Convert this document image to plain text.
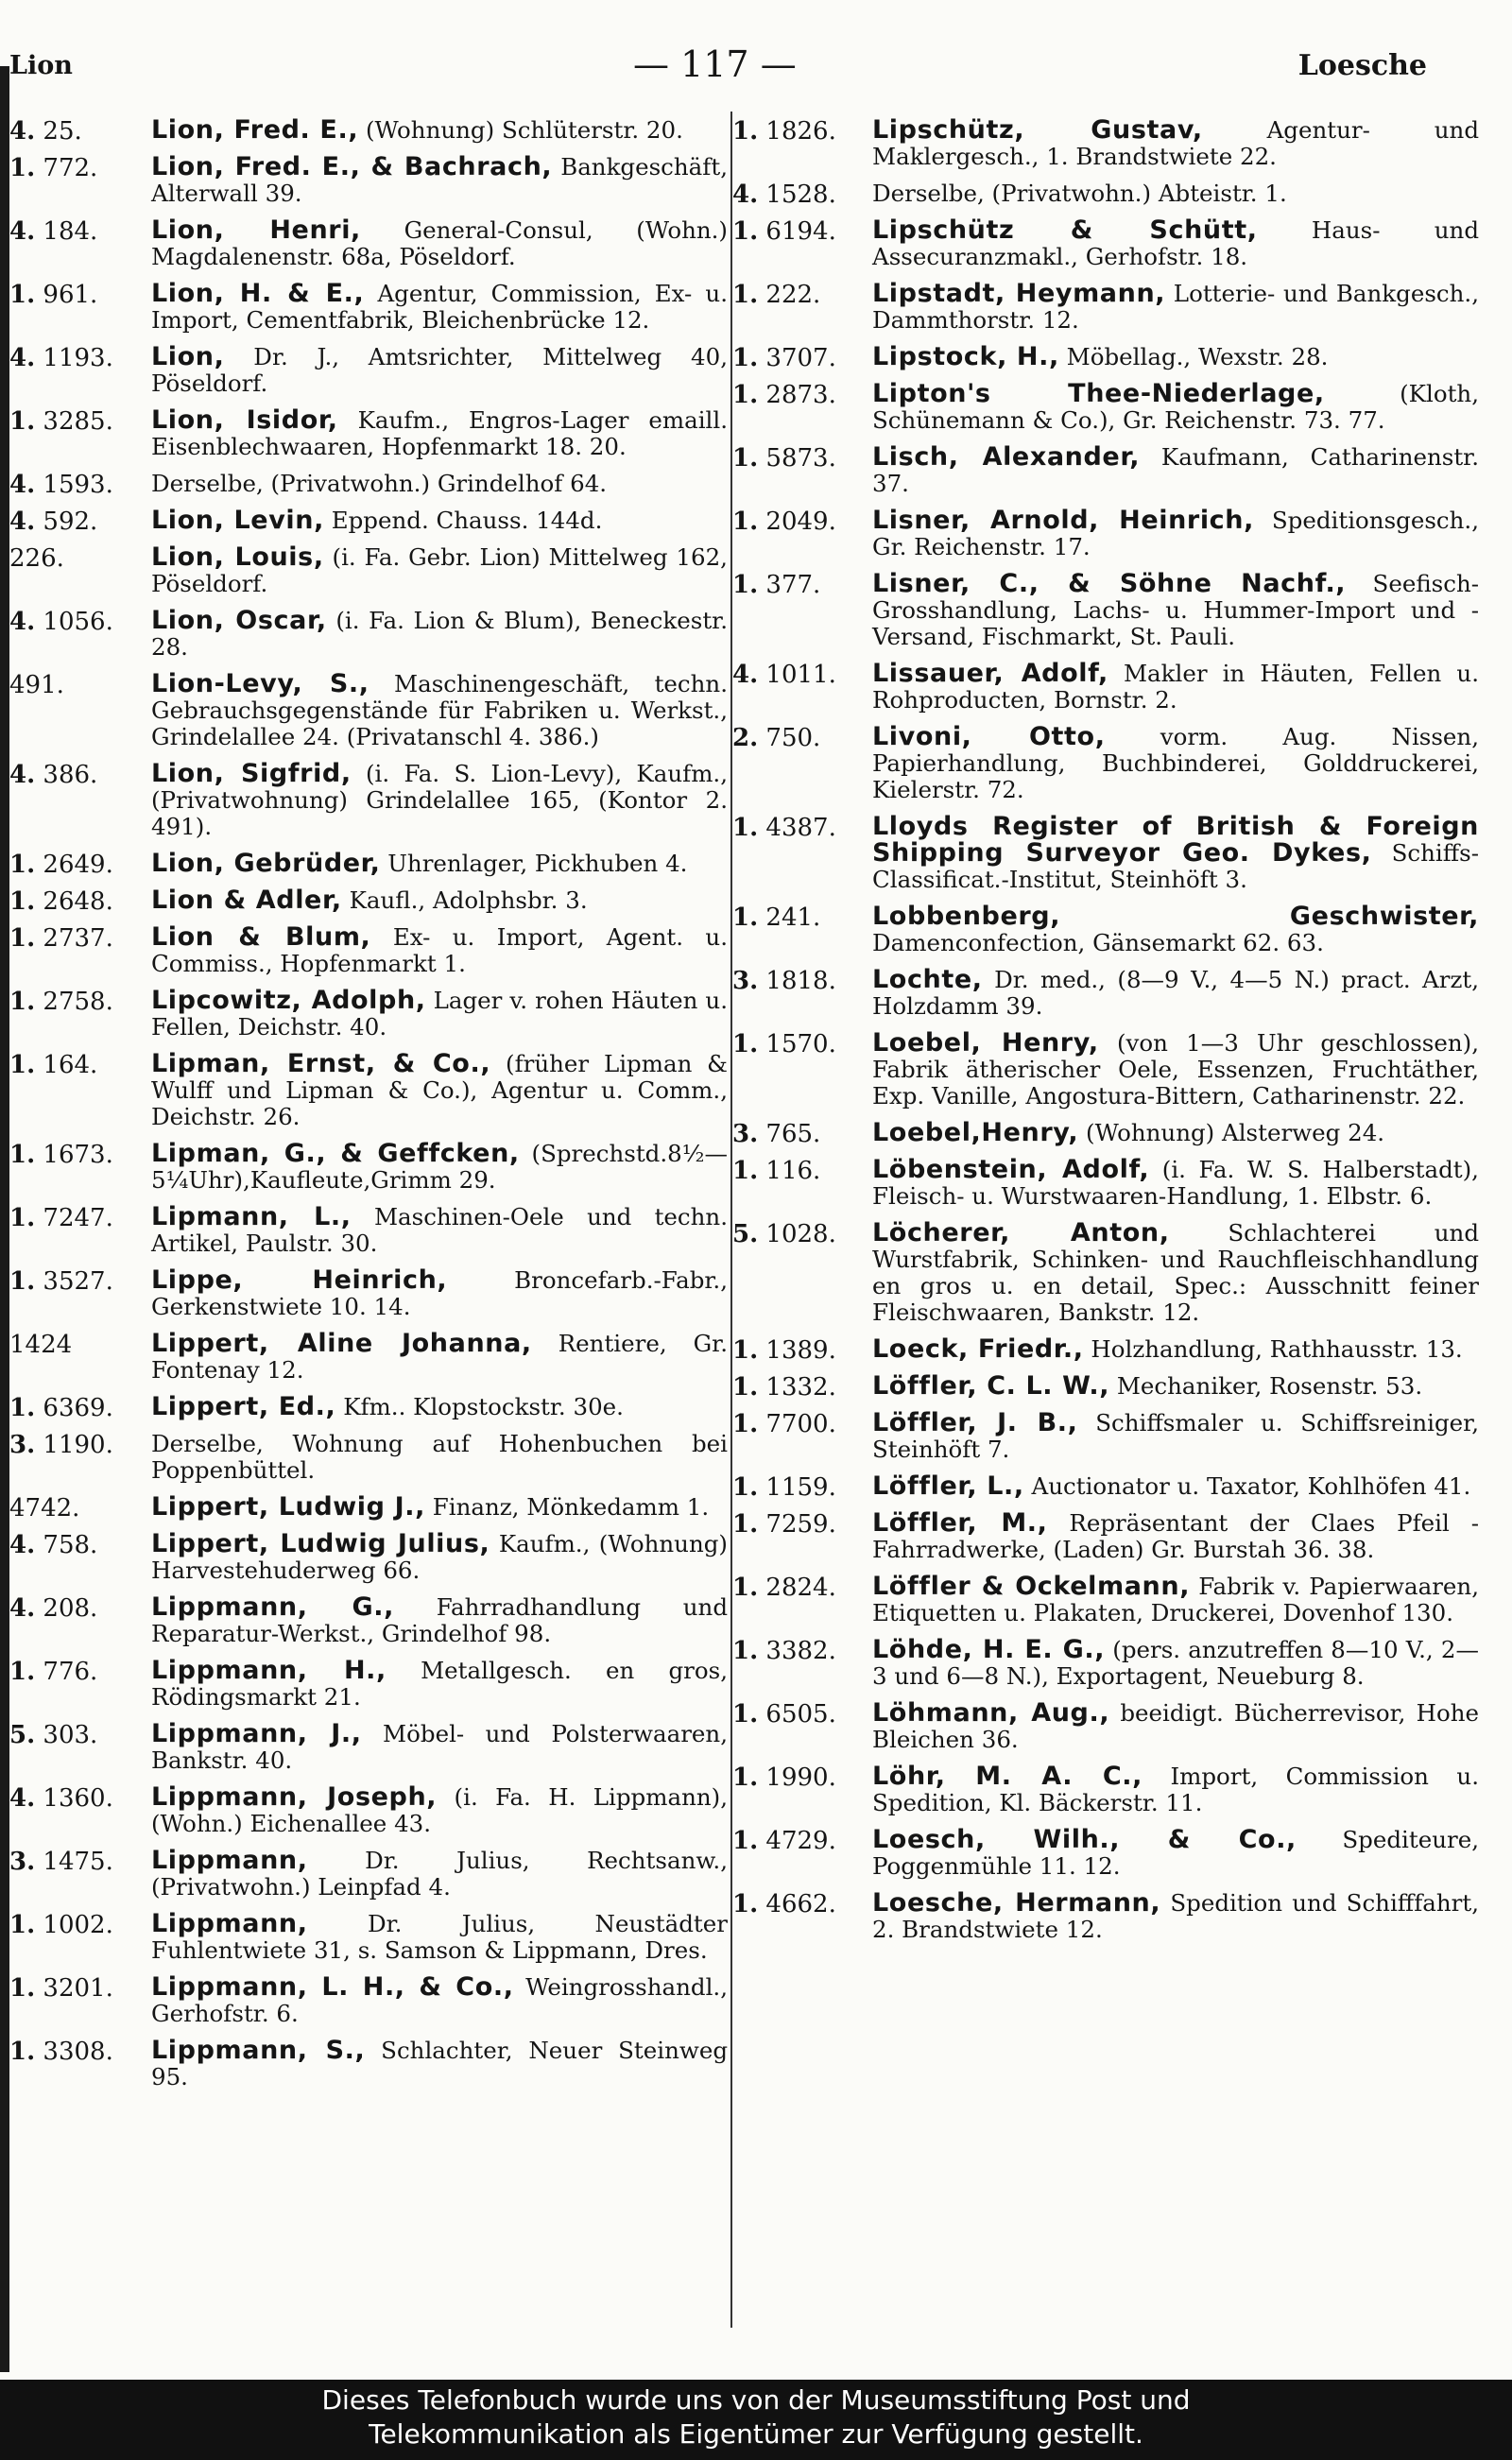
Lion	— 117 —	Loesche
4. 25.	Lion, Fred. E., (Wohnung) Schlüterstr. 20.
1. 772. Lion, Fred. E., & Bachrach, Bankgeschäft, Alterwall 39.
4. 184. Lion, Henri, General-Consul, (Wohn.) Magdalenenstr. 68a, Pöseldorf.
1. 961. Lion, H. & E., Agentur, Commission, Ex- u. Import, Cementfabrik, Bleichenbrücke 12.
4. 1193. Lion, Dr. J., Amtsrichter, Mittelweg 40, Pöseldorf.
1. 3285. Lion, Isidor, Kaufm., Engros-Lager emaill. Eisenblechwaaren, Hopfenmarkt 18. 20.
4. 1593. Derselbe, (Privatwohn.) Grindelhof 64.
4. 592. Lion, Levin, Eppend. Chauss. 144d.
226.	Lion, Louis, (i. Fa. Gebr. Lion) Mittelweg 162, Pöseldorf.
4. 1056. Lion, Oscar, (i. Fa. Lion & Blum), Beneckestr. 28.
491.	Lion-Levy, S., Maschinengeschäft, techn. Gebrauchsgegenstände für Fabriken u. Werkst., Grindelallee 24. (Privatanschl 4. 386.)
4. 386. Lion, Sigfrid, (i. Fa. S. Lion-Levy), Kaufm., (Privatwohnung) Grindelallee 165, (Kontor 2. 491).
1. 2649. Lion, Gebrüder, Uhrenlager, Pickhuben 4.
1. 2648. Lion & Adler, Kaufl., Adolphsbr. 3.
1. 2737. Lion & Blum, Ex- u. Import, Agent. u. Commiss., Hopfenmarkt 1.
1. 2758. Lipcowitz, Adolph, Lager v. rohen Häuten u. Fellen, Deichstr. 40.
1. 164. Lipman, Ernst, & Co., (früher Lipman & Wulff und Lipman & Co.), Agentur u. Comm., Deichstr. 26.
1. 1673. Lipman, G., & Geffcken, (Sprechstd.8½—5¼Uhr),Kaufleute,Grimm 29.
1. 7247. Lipmann, L., Maschinen-Oele und techn. Artikel, Paulstr. 30.
1. 3527. Lippe, Heinrich,	Broncefarb.-Fabr., Gerkenstwiete 10. 14.
1424	Lippert, Aline Johanna, Rentiere, Gr. Fontenay 12.
1. 6369. Lippert, Ed., Kfm.. Klopstockstr. 30e.
3. 1190. Derselbe, Wohnung auf Hohenbuchen bei Poppenbüttel.
4742.	Lippert, Ludwig J., Finanz, Mönkedamm 1.
4. 758. Lippert, Ludwig Julius, Kaufm., (Wohnung) Harvestehuderweg 66.
4. 208. Lippmann, G., Fahrradhandlung und Reparatur-Werkst., Grindelhof 98.
1. 776. Lippmann, H., Metallgesch. en gros, Rödingsmarkt 21.
5. 303. Lippmann, J., Möbel- und Polsterwaaren, Bankstr. 40.
4. 1360. Lippmann, Joseph, (i. Fa. H. Lippmann), (Wohn.) Eichenallee 43.
3. 1475. Lippmann, Dr. Julius, Rechtsanw., (Privatwohn.) Leinpfad 4.
1. 1002. Lippmann,	Dr. Julius, Neustädter Fuhlentwiete 31, s. Samson & Lippmann, Dres.
1. 3201. Lippmann, L. H., & Co., Weingrosshandl., Gerhofstr. 6.
1. 3308. Lippmann, S., Schlachter, Neuer Steinweg 95.
1. 1826. Lipschütz, Gustav,	Agentur- und Maklergesch., 1. Brandstwiete 22.
4. 1528. Derselbe, (Privatwohn.) Abteistr. 1.
1. 6194. Lipschütz & Schütt, Haus- und Assecuranzmakl., Gerhofstr. 18.
1. 222. Lipstadt, Heymann, Lotterie- und Bankgesch., Dammthorstr. 12.
1. 3707. Lipstock, H., Möbellag., Wexstr. 28.
1. 2873. Lipton's Thee-Niederlage,	(Kloth, Schünemann & Co.), Gr. Reichenstr. 73. 77.
1. 5873. Lisch, Alexander, Kaufmann, Catharinenstr. 37.
1. 2049. Lisner, Arnold, Heinrich, Speditionsgesch., Gr. Reichenstr. 17.
1. 377. Lisner, C., & Söhne Nachf., Seefisch-Grosshandlung, Lachs- u. Hummer-Import und -Versand, Fischmarkt, St. Pauli.
4. 1011. Lissauer, Adolf, Makler in Häuten, Fellen u. Rohproducten, Bornstr. 2.
2. 750. Livoni, Otto, vorm. Aug. Nissen, Papierhandlung, Buchbinderei, Golddruckerei, Kielerstr. 72.
1. 4387. Lloyds Register of British & Foreign Shipping Surveyor Geo. Dykes, Schiffs-Classificat.-Institut, Steinhöft 3.
1. 241. Lobbenberg, Geschwister, Damenconfection, Gänsemarkt 62. 63.
3. 1818. Lochte, Dr. med., (8—9 V., 4—5 N.) pract. Arzt, Holzdamm 39.
1. 1570. Loebel, Henry, (von 1—3 Uhr geschlossen), Fabrik ätherischer Oele, Essenzen, Fruchtäther, Exp. Vanille, Angostura-Bittern, Catharinenstr. 22.
3. 765. Loebel,Henry, (Wohnung) Alsterweg 24.
1. 116. Löbenstein, Adolf, (i. Fa. W. S. Halberstadt), Fleisch- u. Wurstwaaren-Handlung, 1. Elbstr. 6.
5. 1028. Löcherer, Anton,	Schlachterei und Wurstfabrik, Schinken- und Rauchfleischhandlung en gros u. en detail, Spec.: Ausschnitt feiner Fleischwaaren, Bankstr. 12.
1. 1389. Loeck, Friedr., Holzhandlung, Rathhausstr. 13.
1. 1332. Löffler, C. L. W., Mechaniker, Rosenstr. 53.
1. 7700. Löffler, J. B., Schiffsmaler u. Schiffsreiniger, Steinhöft 7.
1. 1159. Löffler, L., Auctionator u. Taxator, Kohlhöfen 41.
1. 7259. Löffler, M., Repräsentant der Claes Pfeil - Fahrradwerke, (Laden) Gr. Burstah 36. 38.
1. 2824. Löffler & Ockelmann, Fabrik v. Papierwaaren, Etiquetten u. Plakaten, Druckerei, Dovenhof 130.
1. 3382. Löhde, H. E. G., (pers. anzutreffen 8—10 V., 2—3 und 6—8 N.), Exportagent, Neueburg 8.
1. 6505. Löhmann, Aug., beeidigt. Bücherrevisor, Hohe Bleichen 36.
1. 1990. Löhr, M. A. C., Import, Commission u. Spedition, Kl. Bäckerstr. 11.
1. 4729. Loesch, Wilh., & Co., Spediteure, Poggenmühle 11. 12.
1. 4662. Loesche, Hermann, Spedition und Schifffahrt, 2. Brandstwiete 12.
Dieses Telefonbuch wurde uns von der Museumsstiftung Post und
Telekommunikation als Eigentümer zur Verfügung gestellt.
